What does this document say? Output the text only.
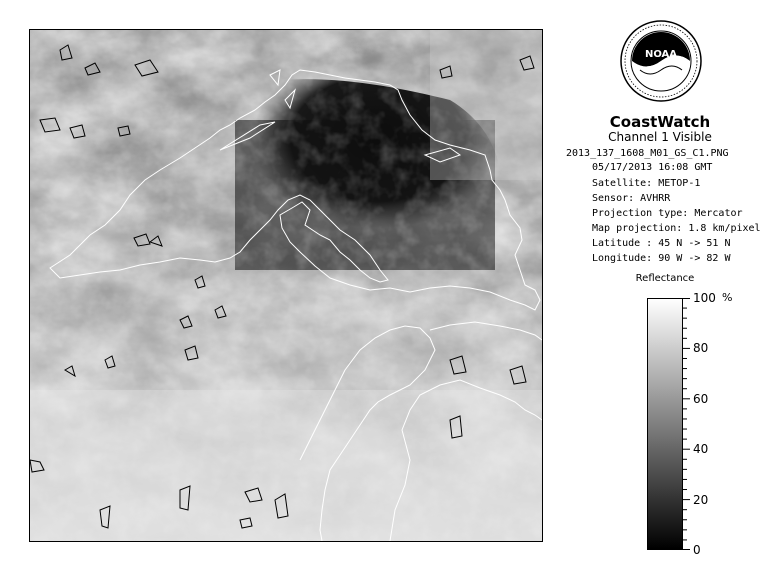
NOAA
CoastWatch
Channel 1 Visible
2013_137_1608_M01_GS_C1.PNG
05/17/2013 16:08 GMT
Satellite: METOP-1
Sensor: AVHRR
Projection type: Mercator
Map projection: 1.8 km/pixel
Latitude : 45 N -> 51 N
Longitude: 90 W -> 82 W
Reflectance
%
100
80
60
40
20
0
